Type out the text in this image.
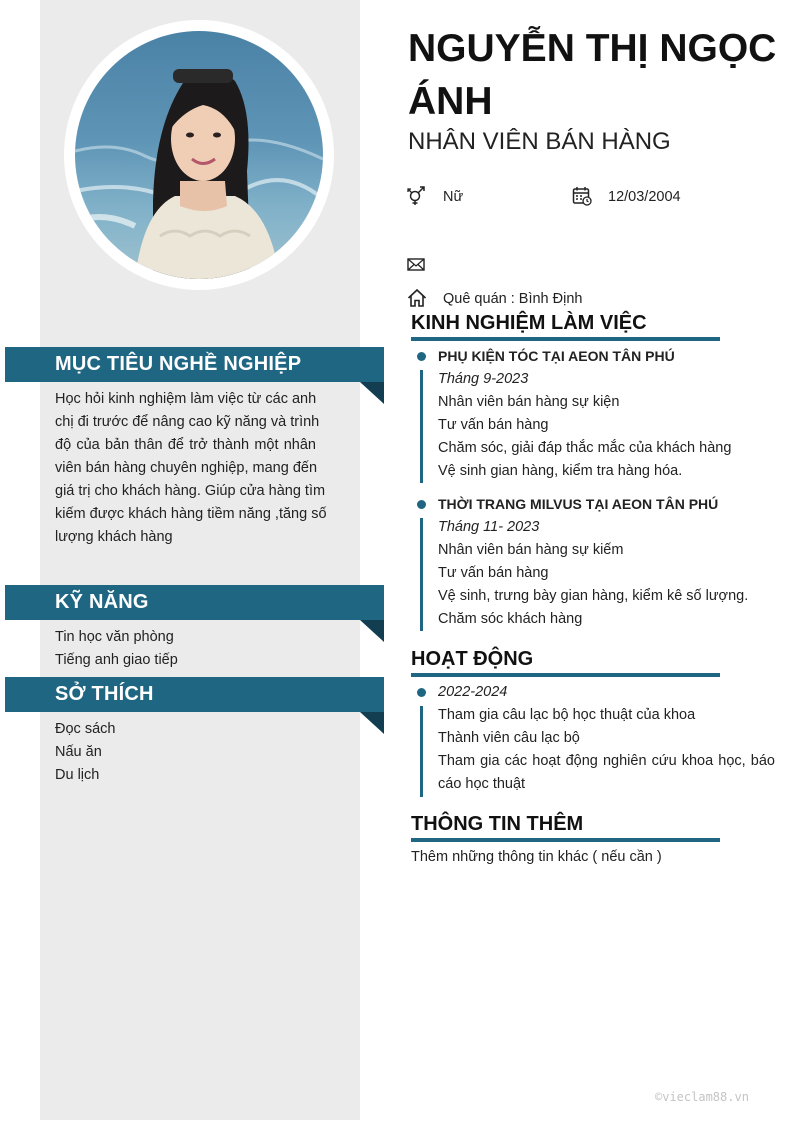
MỤC TIÊU NGHỀ NGHIỆP
Học hỏi kinh nghiệm làm việc từ các anh
chị đi trước để nâng cao kỹ năng và trình
độ của bản thân để trở thành một nhân
viên bán hàng chuyên nghiệp, mang đến
giá trị cho khách hàng. Giúp cửa hàng tìm
kiếm được khách hàng tiềm năng ,tăng số
lượng khách hàng
KỸ NĂNG
Tin học văn phòng
Tiếng anh giao tiếp
SỞ THÍCH
Đọc sách
Nấu ăn
Du lịch
NGUYỄN THỊ NGỌC ÁNH
NHÂN VIÊN BÁN HÀNG
Nữ	12/03/2004
Quê quán : Bình Định
KINH NGHIỆM LÀM VIỆC
PHỤ KIỆN TÓC TẠI AEON TÂN PHÚ
Tháng 9-2023
Nhân viên bán hàng sự kiện
Tư vấn bán hàng
Chăm sóc, giải đáp thắc mắc của khách hàng
Vệ sinh gian hàng, kiểm tra hàng hóa.
THỜI TRANG MILVUS TẠI AEON TÂN PHÚ
Tháng 11- 2023
Nhân viên bán hàng sự kiếm
Tư vấn bán hàng
Vệ sinh, trưng bày gian hàng, kiểm kê số lượng.
Chăm sóc khách hàng
HOẠT ĐỘNG
2022-2024
Tham gia câu lạc bộ học thuật của khoa
Thành viên câu lạc bộ
Tham gia các hoạt động nghiên cứu khoa học, báo cáo học thuật
THÔNG TIN THÊM
Thêm những thông tin khác ( nếu cần )
©vieclam88.vn
